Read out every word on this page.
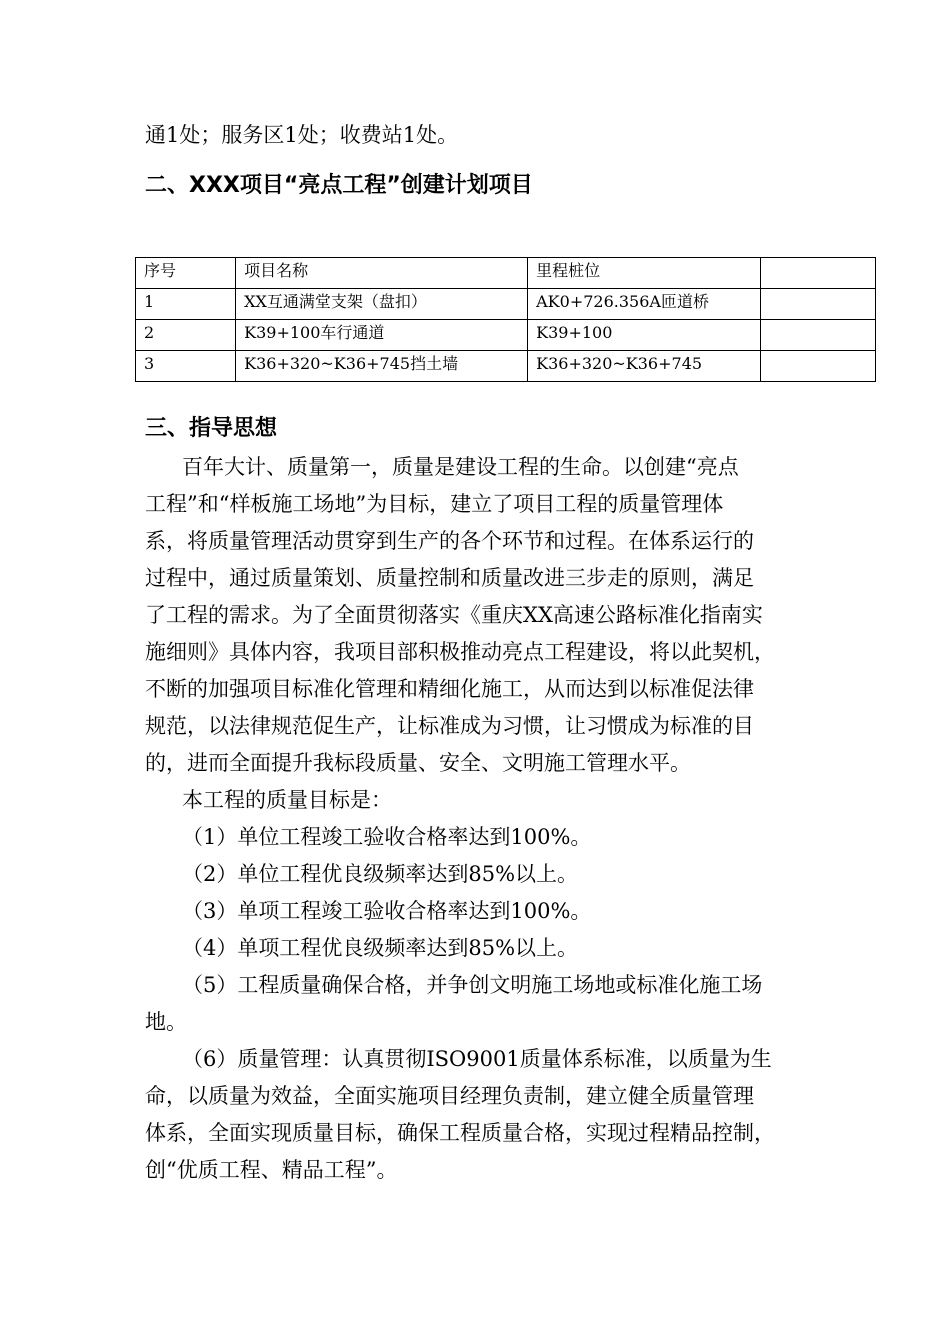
通1处；服务区1处；收费站1处。
二、XXX项目“亮点工程”创建计划项目
序号	项目名称	里程桩位	
1	XX互通满堂支架（盘扣）	AK0+726.356A匝道桥	
2	K39+100车行通道	K39+100	
3	K36+320~K36+745挡土墙	K36+320~K36+745	
三、指导思想
百年大计、质量第一，质量是建设工程的生命。以创建“亮点
工程”和“样板施工场地”为目标，建立了项目工程的质量管理体
系，将质量管理活动贯穿到生产的各个环节和过程。在体系运行的
过程中，通过质量策划、质量控制和质量改进三步走的原则，满足
了工程的需求。为了全面贯彻落实《重庆XX高速公路标准化指南实
施细则》具体内容，我项目部积极推动亮点工程建设，将以此契机，
不断的加强项目标准化管理和精细化施工，从而达到以标准促法律
规范，以法律规范促生产，让标准成为习惯，让习惯成为标准的目
的，进而全面提升我标段质量、安全、文明施工管理水平。
本工程的质量目标是：
（1）单位工程竣工验收合格率达到100%。
（2）单位工程优良级频率达到85%以上。
（3）单项工程竣工验收合格率达到100%。
（4）单项工程优良级频率达到85%以上。
（5）工程质量确保合格，并争创文明施工场地或标准化施工场
地。
（6）质量管理：认真贯彻ISO9001质量体系标准，以质量为生
命，以质量为效益，全面实施项目经理负责制，建立健全质量管理
体系，全面实现质量目标，确保工程质量合格，实现过程精品控制，
创“优质工程、精品工程”。
